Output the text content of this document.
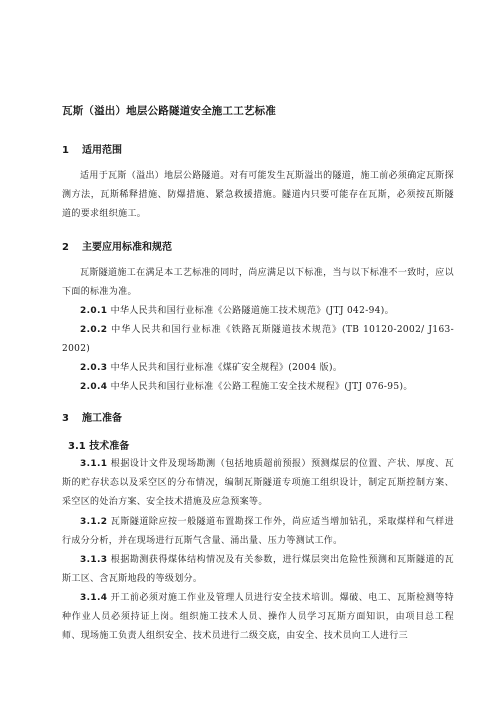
瓦斯（溢出）地层公路隧道安全施工工艺标准
1 适用范围

适用于瓦斯（溢出）地层公路隧道。对有可能发生瓦斯溢出的隧道，施工前必须确定瓦斯探测方法，瓦斯稀释措施、防爆措施、紧急救援措施。隧道内只要可能存在瓦斯，必须按瓦斯隧道的要求组织施工。

2 主要应用标准和规范

瓦斯隧道施工在满足本工艺标准的同时，尚应满足以下标准，当与以下标准不一致时，应以下面的标准为准。

2.0.1 中华人民共和国行业标准《公路隧道施工技术规范》(JTJ 042-94)。

2.0.2 中华人民共和国行业标准《铁路瓦斯隧道技术规范》(TB 10120-2002/ J163-2002)

2.0.3 中华人民共和国行业标准《煤矿安全规程》(2004 版)。

2.0.4 中华人民共和国行业标准《公路工程施工安全技术规程》(JTJ 076-95)。

3 施工准备
3.1 技术准备

3.1.1 根据设计文件及现场勘测（包括地质超前预报）预测煤层的位置、产状、厚度、瓦斯的贮存状态以及采空区的分布情况，编制瓦斯隧道专项施工组织设计，制定瓦斯控制方案、采空区的处治方案、安全技术措施及应急预案等。

3.1.2 瓦斯隧道除应按一般隧道布置勘探工作外，尚应适当增加钻孔，采取煤样和气样进行成分分析，并在现场进行瓦斯气含量、涌出量、压力等测试工作。

3.1.3 根据勘测获得煤体结构情况及有关参数，进行煤层突出危险性预测和瓦斯隧道的瓦斯工区、含瓦斯地段的等级划分。

3.1.4 开工前必须对施工作业及管理人员进行安全技术培训。爆破、电工、瓦斯检测等特种作业人员必须持证上岗。组织施工技术人员、操作人员学习瓦斯方面知识，由项目总工程师、现场施工负责人组织安全、技术员进行二级交底，由安全、技术员向工人进行三
